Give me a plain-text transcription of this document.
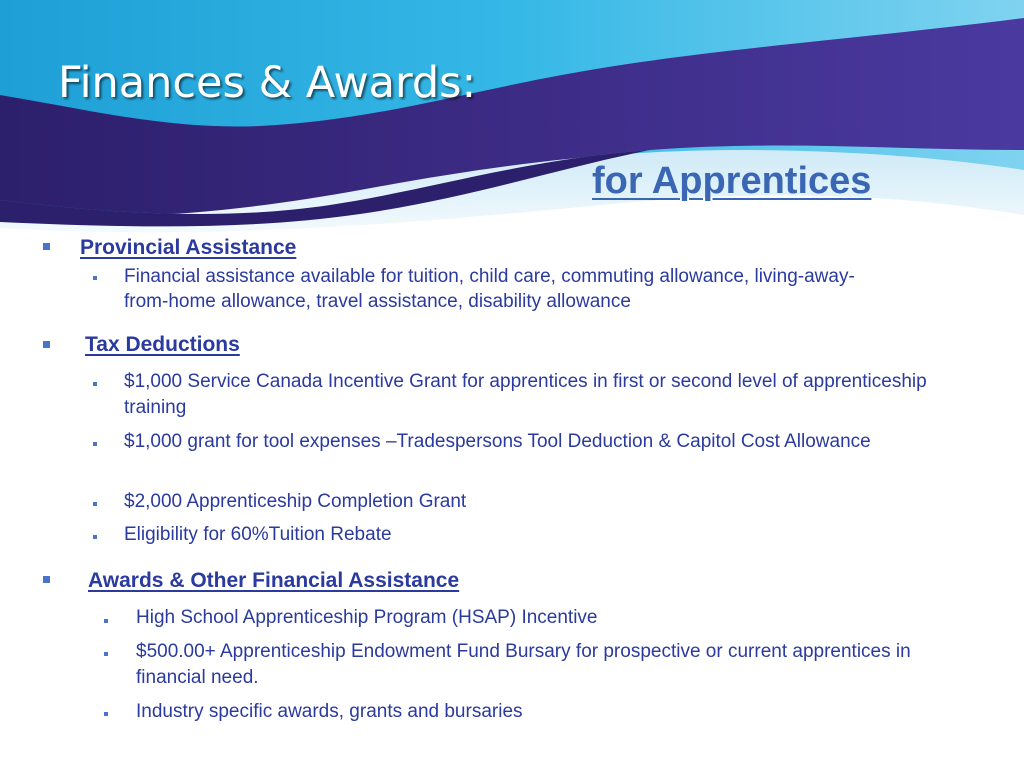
Finances & Awards:
for Apprentices
Provincial Assistance
Financial assistance available for tuition, child care, commuting allowance, living-away-from-home allowance, travel assistance, disability allowance
Tax Deductions
$1,000 Service Canada Incentive Grant for apprentices in first or second level of apprenticeship training
$1,000 grant for tool expenses –Tradespersons Tool Deduction & Capitol Cost Allowance
$2,000 Apprenticeship Completion Grant
Eligibility for 60%Tuition Rebate
Awards & Other Financial Assistance
High School Apprenticeship Program (HSAP) Incentive
$500.00+ Apprenticeship Endowment Fund Bursary for prospective or current apprentices in financial need.
Industry specific awards, grants and bursaries
